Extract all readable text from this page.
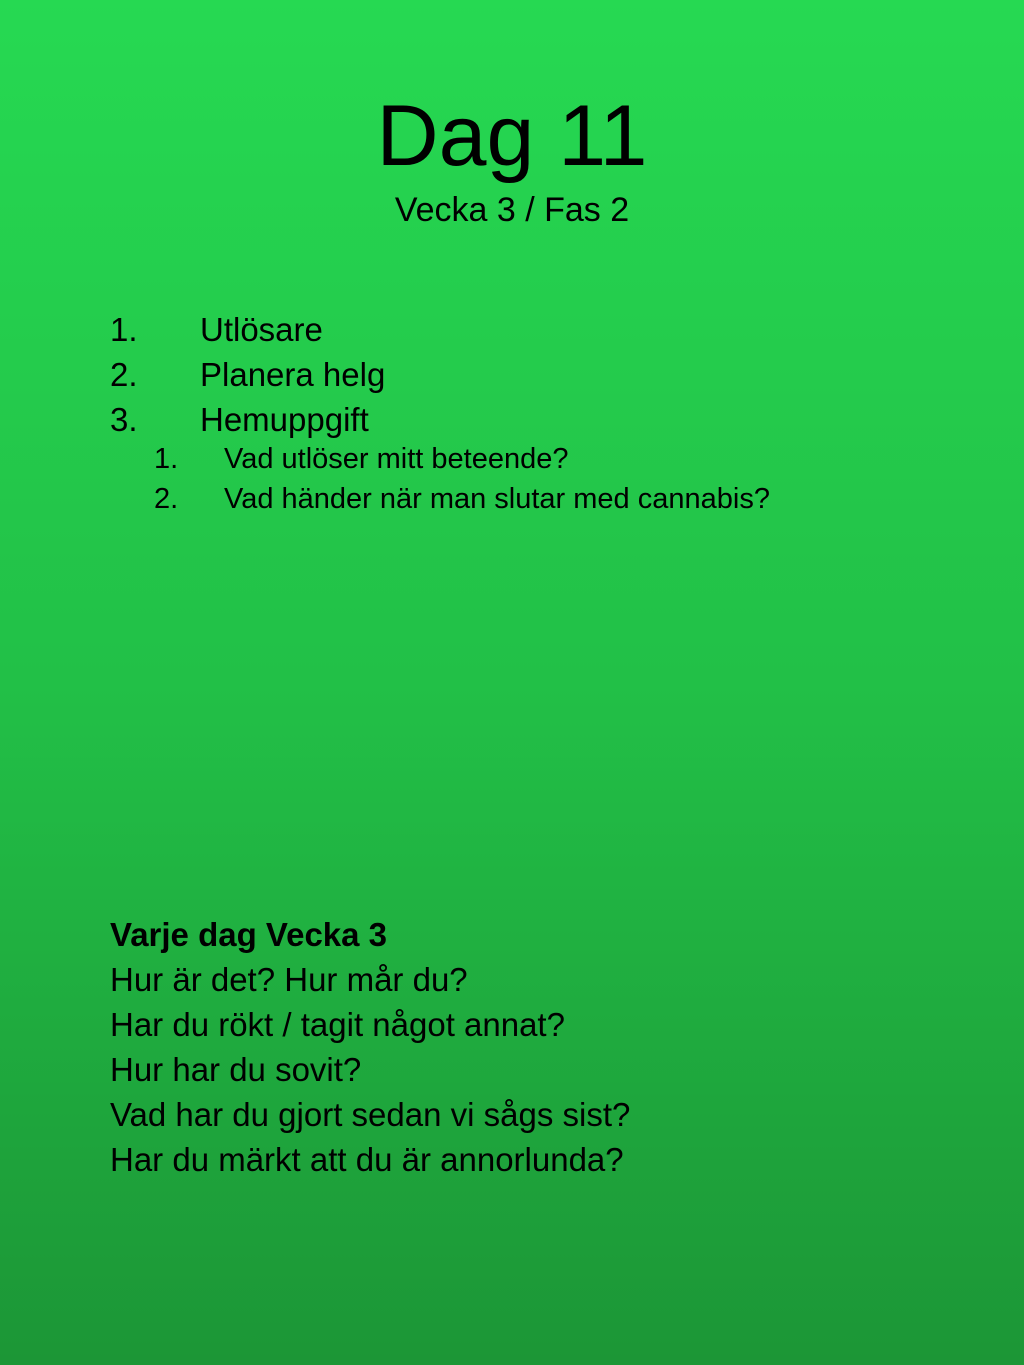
Dag 11

Vecka 3 / Fas 2

1. Utlösare
2. Planera helg
3. Hemuppgift
1. Vad utlöser mitt beteende?
2. Vad händer när man slutar med cannabis?

Varje dag Vecka 3

Hur är det? Hur mår du?

Har du rökt / tagit något annat?

Hur har du sovit?

Vad har du gjort sedan vi sågs sist?

Har du märkt att du är annorlunda?
